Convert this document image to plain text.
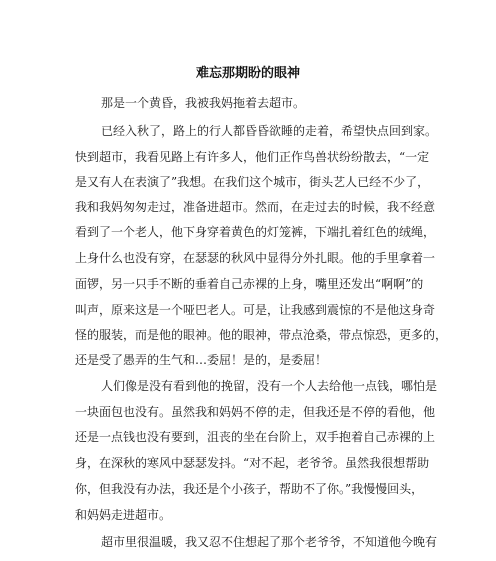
难忘那期盼的眼神
那是一个黄昏，我被我妈拖着去超市。
已经入秋了，路上的行人都昏昏欲睡的走着，希望快点回到家。
快到超市，我看见路上有许多人，他们正作鸟兽状纷纷散去，“一定
是又有人在表演了”我想。在我们这个城市，街头艺人已经不少了，
我和我妈匆匆走过，准备进超市。然而，在走过去的时候，我不经意
看到了一个老人，他下身穿着黄色的灯笼裤，下端扎着红色的绒绳，
上身什么也没有穿，在瑟瑟的秋风中显得分外扎眼。他的手里拿着一
面锣，另一只手不断的垂着自己赤裸的上身，嘴里还发出“啊啊”的
叫声，原来这是一个哑巴老人。可是，让我感到震惊的不是他这身奇
怪的服装，而是他的眼神。他的眼神，带点沧桑，带点惊恐，更多的，
还是受了愚弄的生气和…委屈！是的，是委屈！
人们像是没有看到他的挽留，没有一个人去给他一点钱，哪怕是
一块面包也没有。虽然我和妈妈不停的走，但我还是不停的看他，他
还是一点钱也没有要到，沮丧的坐在台阶上，双手抱着自己赤裸的上
身，在深秋的寒风中瑟瑟发抖。“对不起，老爷爷。虽然我很想帮助
你，但我没有办法，我还是个小孩子，帮助不了你。”我慢慢回头，
和妈妈走进超市。
超市里很温暖，我又忍不住想起了那个老爷爷，不知道他今晚有
